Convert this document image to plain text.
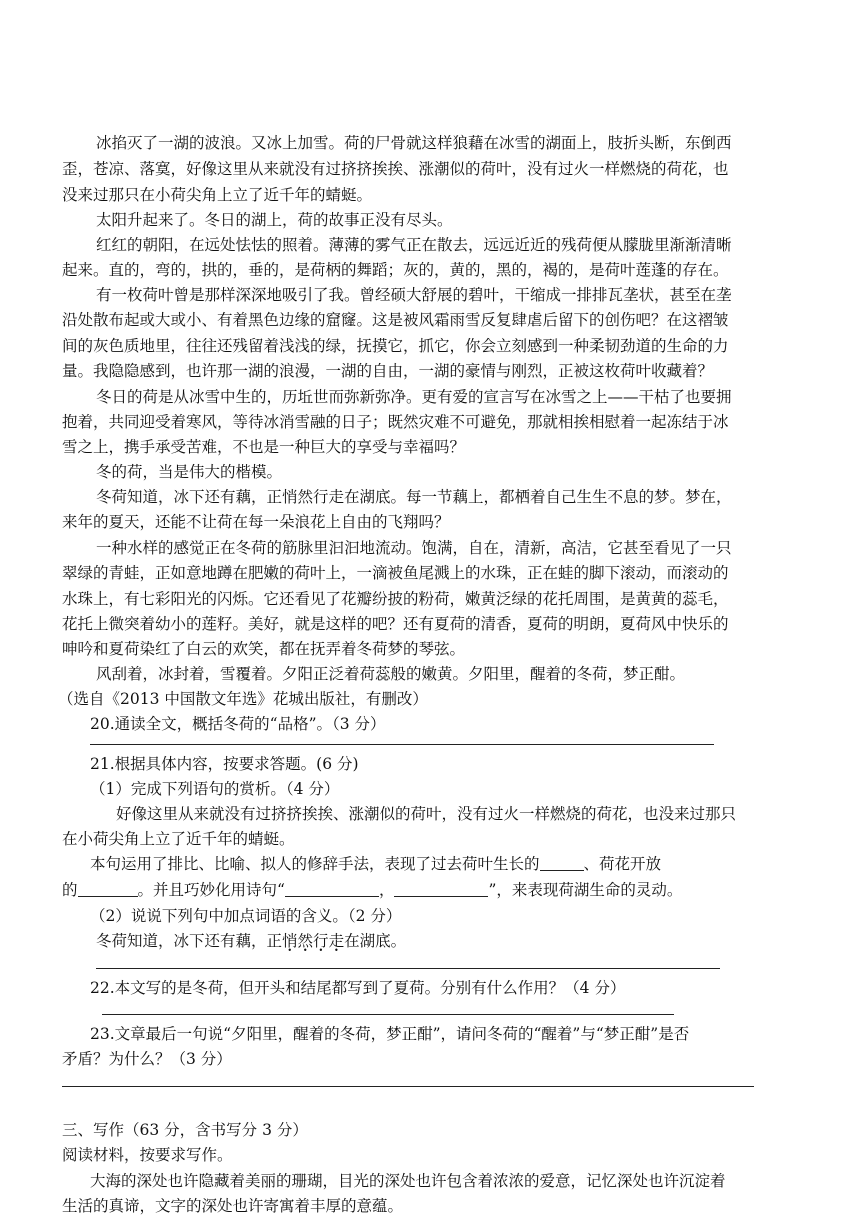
冰掐灭了一湖的波浪。又冰上加雪。荷的尸骨就这样狼藉在冰雪的湖面上，肢折头断，东倒西
歪，苍凉、落寞，好像这里从来就没有过挤挤挨挨、涨潮似的荷叶，没有过火一样燃烧的荷花，也
没来过那只在小荷尖角上立了近千年的蜻蜓。
太阳升起来了。冬日的湖上，荷的故事正没有尽头。
红红的朝阳，在远处怯怯的照着。薄薄的雾气正在散去，远远近近的残荷便从朦胧里渐渐清晰
起来。直的，弯的，拱的，垂的，是荷柄的舞蹈；灰的，黄的，黑的，褐的，是荷叶莲蓬的存在。
有一枚荷叶曾是那样深深地吸引了我。曾经硕大舒展的碧叶，干缩成一排排瓦垄状，甚至在垄
沿处散布起或大或小、有着黑色边缘的窟窿。这是被风霜雨雪反复肆虐后留下的创伤吧？在这褶皱
间的灰色质地里，往往还残留着浅浅的绿，抚摸它，抓它，你会立刻感到一种柔韧劲道的生命的力
量。我隐隐感到，也许那一湖的浪漫，一湖的自由，一湖的豪情与刚烈，正被这枚荷叶收藏着？
冬日的荷是从冰雪中生的，历坵世而弥新弥净。更有爱的宣言写在冰雪之上——干枯了也要拥
抱着，共同迎受着寒风，等待冰消雪融的日子；既然灾难不可避免，那就相挨相慰着一起冻结于冰
雪之上，携手承受苦难，不也是一种巨大的享受与幸福吗？
冬的荷，当是伟大的楷模。
冬荷知道，冰下还有藕，正悄然行走在湖底。每一节藕上，都栖着自己生生不息的梦。梦在，
来年的夏天，还能不让荷在每一朵浪花上自由的飞翔吗？
一种水样的感觉正在冬荷的筋脉里汩汩地流动。饱满，自在，清新，高洁，它甚至看见了一只
翠绿的青蛙，正如意地蹲在肥嫩的荷叶上，一滴被鱼尾溅上的水珠，正在蛙的脚下滚动，而滚动的
水珠上，有七彩阳光的闪烁。它还看见了花瓣纷披的粉荷，嫩黄泛绿的花托周围，是黄黄的蕊毛，
花托上微突着幼小的莲籽。美好，就是这样的吧？还有夏荷的清香，夏荷的明朗，夏荷风中快乐的
呻吟和夏荷染红了白云的欢笑，都在抚弄着冬荷梦的琴弦。
风刮着，冰封着，雪覆着。夕阳正泛着荷蕊般的嫩黄。夕阳里，醒着的冬荷，梦正酣。
（选自《2013 中国散文年选》花城出版社，有删改）
20.通读全文，概括冬荷的“品格”。（3 分）
21.根据具体内容，按要求答题。(6 分)
（1）完成下列语句的赏析。（4 分）
好像这里从来就没有过挤挤挨挨、涨潮似的荷叶，没有过火一样燃烧的荷花，也没来过那只
在小荷尖角上立了近千年的蜻蜓。
本句运用了排比、比喻、拟人的修辞手法，表现了过去荷叶生长的	、荷花开放
的	。并且巧妙化用诗句“	，	”，来表现荷湖生命的灵动。
（2）说说下列句中加点词语的含义。（2 分）
冬荷知道，冰下还有藕，正悄然行走在湖底。
22.本文写的是冬荷，但开头和结尾都写到了夏荷。分别有什么作用？（4 分）
23.文章最后一句说“夕阳里，醒着的冬荷，梦正酣”，请问冬荷的“醒着”与“梦正酣”是否
矛盾？为什么？（3 分）
三、写作（63 分，含书写分 3 分）
阅读材料，按要求写作。
大海的深处也许隐藏着美丽的珊瑚，目光的深处也许包含着浓浓的爱意，记忆深处也许沉淀着
生活的真谛，文字的深处也许寄寓着丰厚的意蕴。
